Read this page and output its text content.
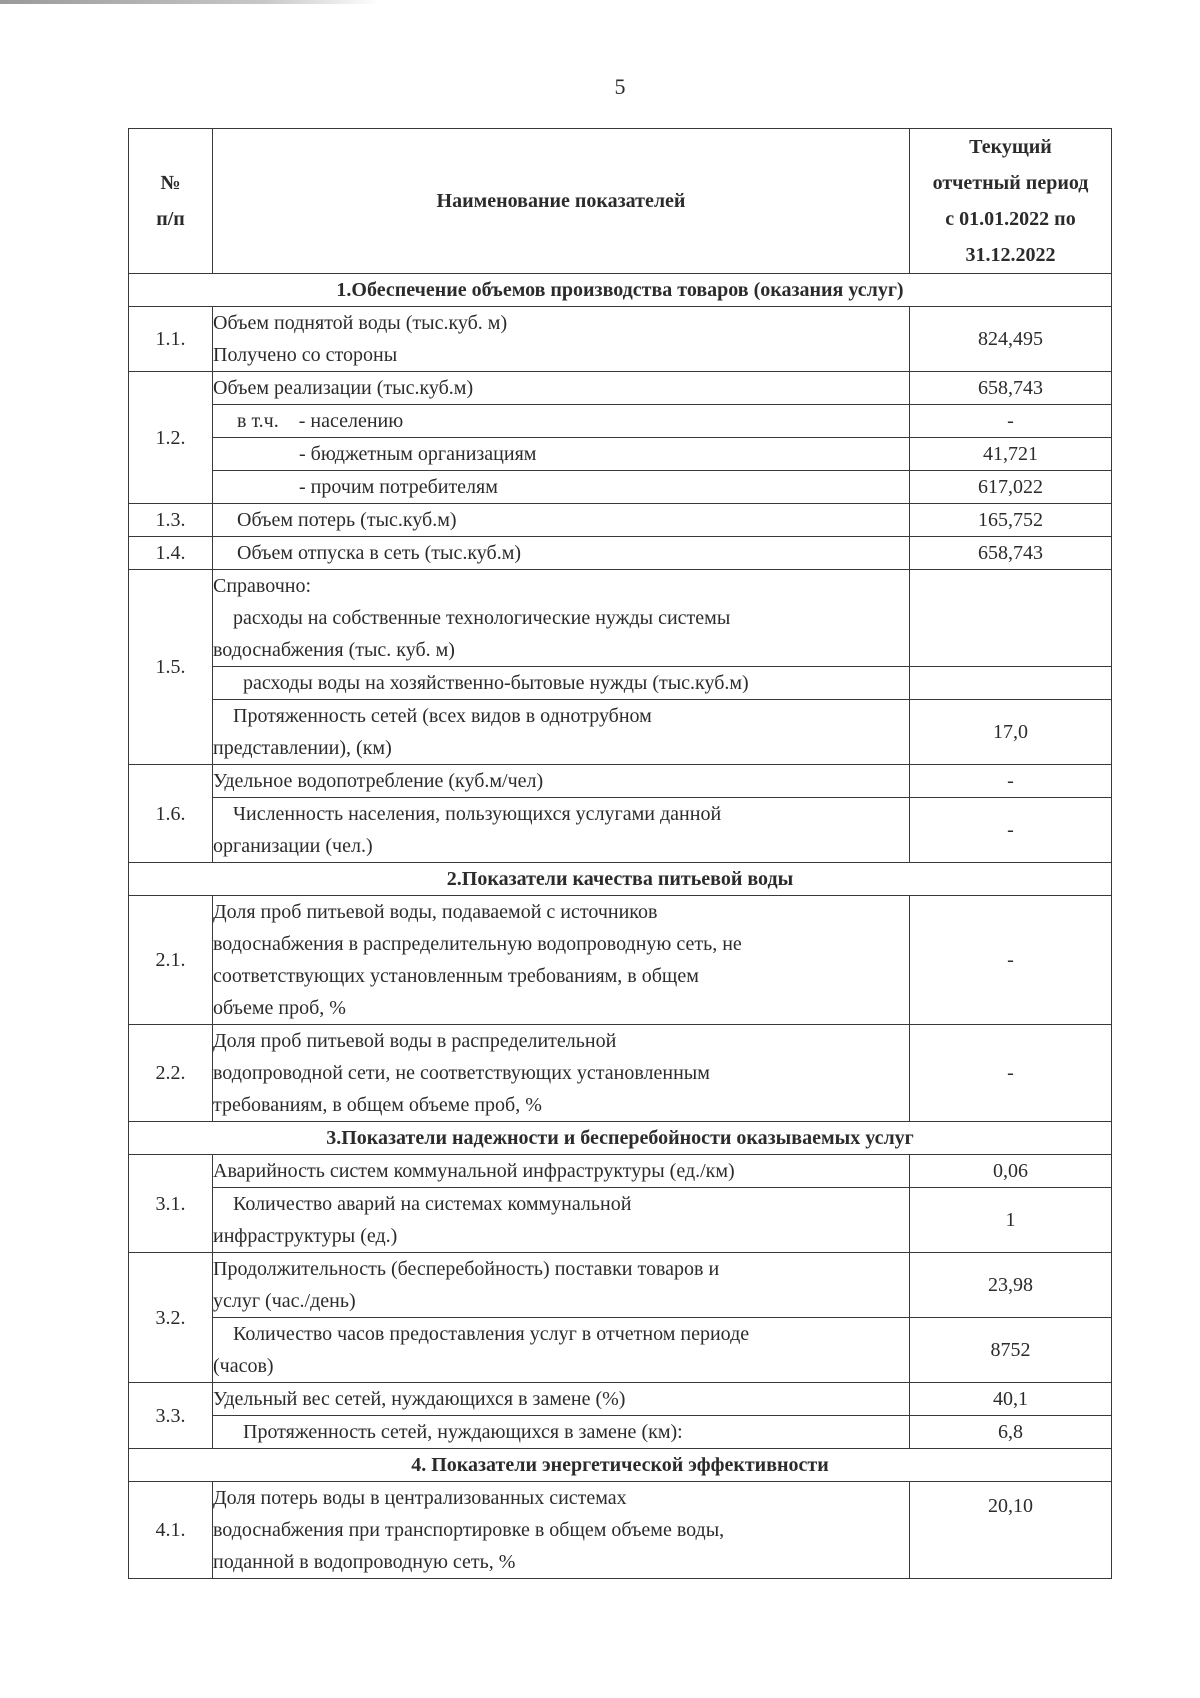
5
№
п/п	Наименование показателей	Текущий
отчетный период
с 01.01.2022 по
31.12.2022
1.Обеспечение объемов производства товаров (оказания услуг)		
1.1.	Объем поднятой воды (тыс.куб. м)
Получено со стороны	824,495
1.2.	Объем реализации (тыс.куб.м)	658,743
	в т.ч. - населению	-
	- бюджетным организациям	41,721
	- прочим потребителям	617,022
1.3.	Объем потерь (тыс.куб.м)	165,752
1.4.	Объем отпуска в сеть (тыс.куб.м)	658,743
1.5.	Справочно:
расходы на собственные технологические нужды системы
водоснабжения (тыс. куб. м)	
	расходы воды на хозяйственно-бытовые нужды (тыс.куб.м)	
	Протяженность сетей (всех видов в однотрубном
представлении), (км)	17,0
1.6.	Удельное водопотребление (куб.м/чел)	-
	Численность населения, пользующихся услугами данной
организации (чел.)	-
2.Показатели качества питьевой воды		
2.1.	Доля проб питьевой воды, подаваемой с источников
водоснабжения в распределительную водопроводную сеть, не
соответствующих установленным требованиям, в общем
объеме проб, %	-
2.2.	Доля проб питьевой воды в распределительной
водопроводной сети, не соответствующих установленным
требованиям, в общем объеме проб, %	-
3.Показатели надежности и бесперебойности оказываемых услуг		
3.1.	Аварийность систем коммунальной инфраструктуры (ед./км)	0,06
	Количество аварий на системах коммунальной
инфраструктуры (ед.)	1
3.2.	Продолжительность (бесперебойность) поставки товаров и
услуг (час./день)	23,98
	Количество часов предоставления услуг в отчетном периоде
(часов)	8752
3.3.	Удельный вес сетей, нуждающихся в замене (%)	40,1
	Протяженность сетей, нуждающихся в замене (км):	6,8
4. Показатели энергетической эффективности		
4.1.	Доля потерь воды в централизованных системах
водоснабжения при транспортировке в общем объеме воды,
поданной в водопроводную сеть, %	20,10
